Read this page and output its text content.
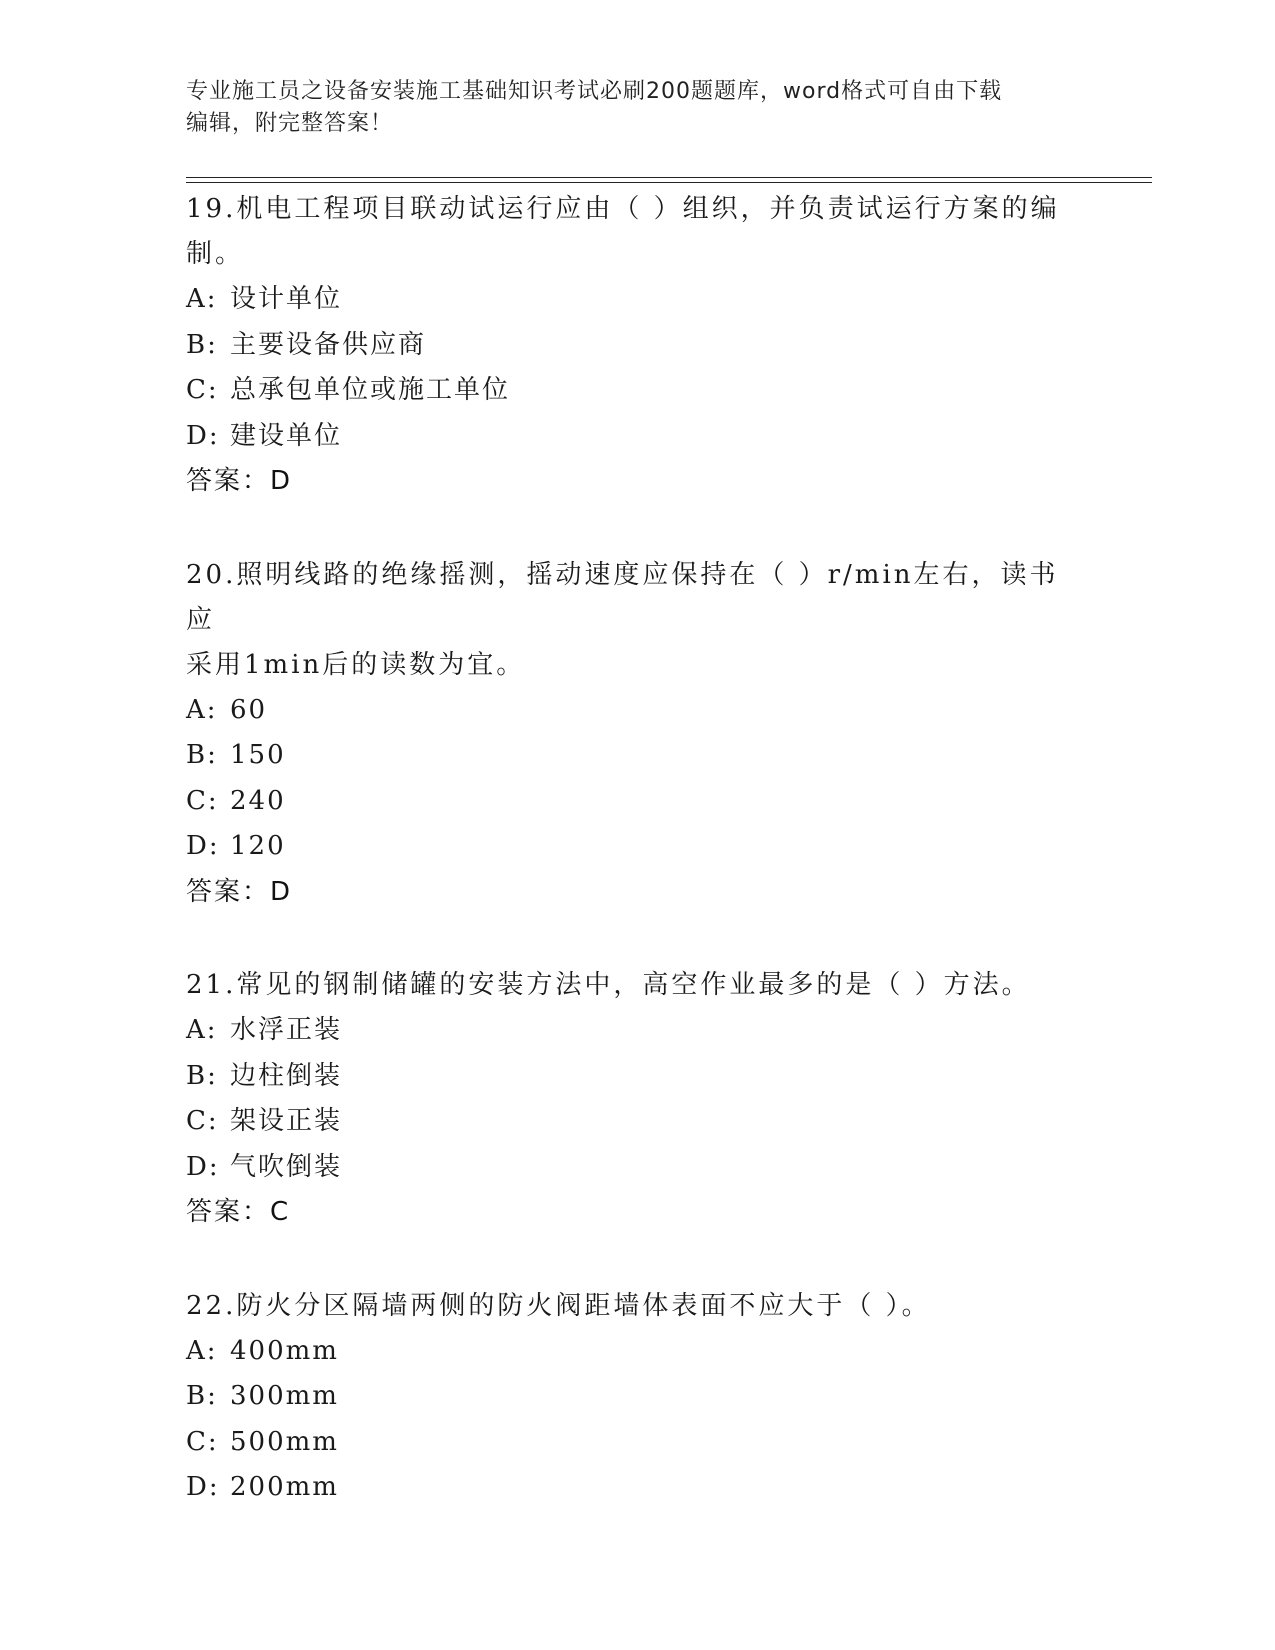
专业施工员之设备安装施工基础知识考试必刷200题题库，word格式可自由下载
编辑，附完整答案！

19.机电工程项目联动试运行应由（ ）组织，并负责试运行方案的编

制。

A: 设计单位

B: 主要设备供应商

C: 总承包单位或施工单位

D: 建设单位

答案：D

20.照明线路的绝缘摇测，摇动速度应保持在（ ）r/min左右，读书应

采用1min后的读数为宜。

A: 60

B: 150

C: 240

D: 120

答案：D

21.常见的钢制储罐的安装方法中，高空作业最多的是（ ）方法。

A: 水浮正装

B: 边柱倒装

C: 架设正装

D: 气吹倒装

答案：C

22.防火分区隔墙两侧的防火阀距墙体表面不应大于（ ）。

A: 400mm

B: 300mm

C: 500mm

D: 200mm
